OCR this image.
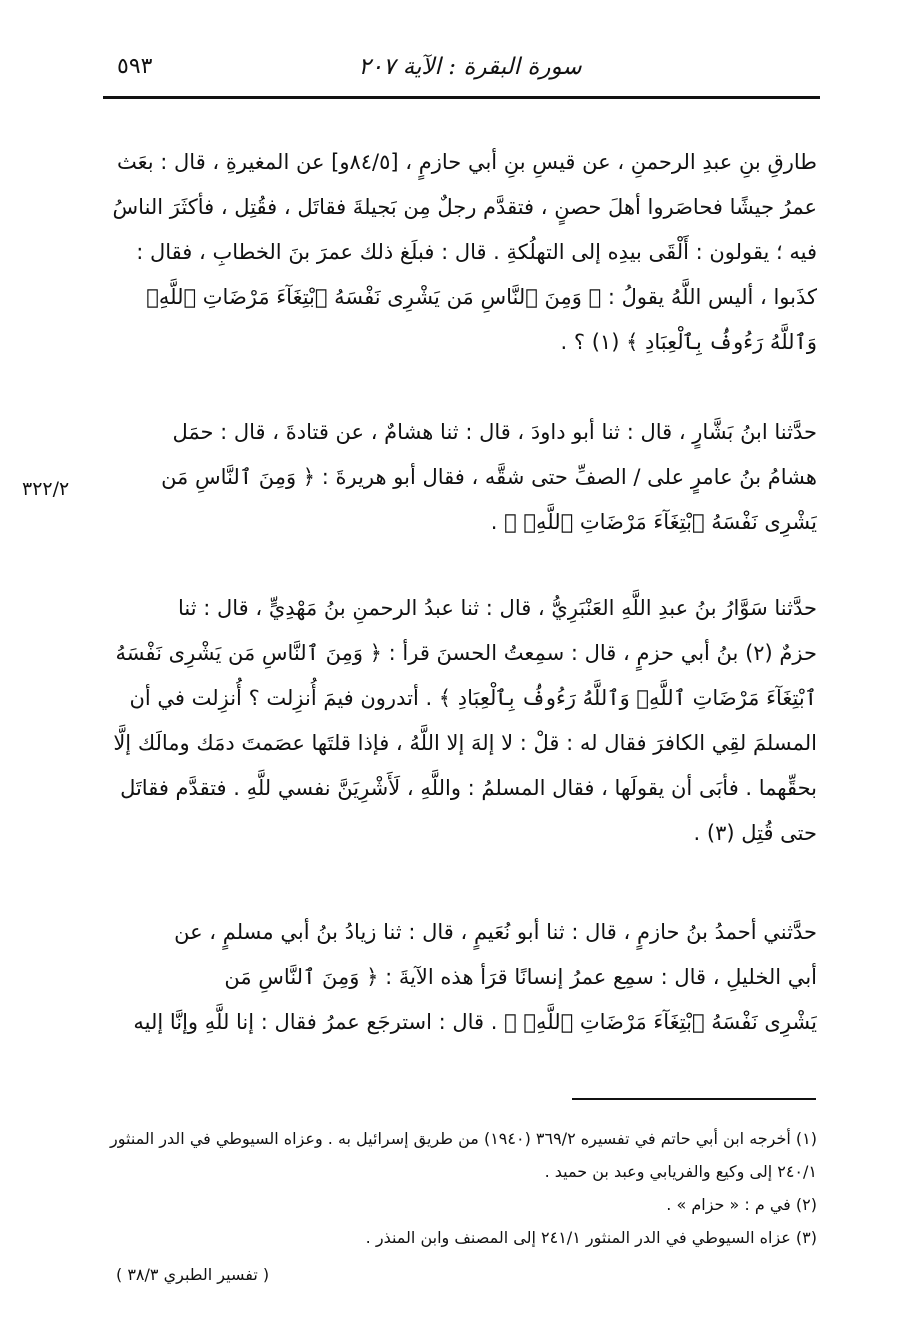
سورة البقرة : الآية ٢٠٧
٥٩٣
٣٢٢/٢
طارقِ بنِ عبدِ الرحمنِ ، عن قيسِ بنِ أبي حازمٍ ، [٨٤/٥و] عن المغيرةِ ، قال : بعَث
عمرُ جيشًا فحاصَروا أهلَ حصنٍ ، فتقدَّم رجلٌ مِن بَجيلةَ فقاتَل ، فقُتِل ، فأكثَرَ الناسُ
فيه ؛ يقولون : أَلْقَى بيدِه إلى التهلُكةِ . قال : فبلَغ ذلك عمرَ بنَ الخطابِ ، فقال :
كذَبوا ، أليس اللَّهُ يقولُ : ﴿ وَمِنَ ٱلنَّاسِ مَن يَشْرِى نَفْسَهُ ٱبْتِغَآءَ مَرْضَاتِ ٱللَّهِۗ
وَٱللَّهُ رَءُوفُۢ بِٱلْعِبَادِ ﴾ (١) ؟ .
حدَّثنا ابنُ بَشَّارٍ ، قال : ثنا أبو داودَ ، قال : ثنا هشامٌ ، عن قتادةَ ، قال : حمَل
هشامُ بنُ عامرٍ على / الصفِّ حتى شقَّه ، فقال أبو هريرةَ : ﴿ وَمِنَ ٱلنَّاسِ مَن
يَشْرِى نَفْسَهُ ٱبْتِغَآءَ مَرْضَاتِ ٱللَّهِۗ ﴾ .
حدَّثنا سَوَّارُ بنُ عبدِ اللَّهِ العَنْبَرِيُّ ، قال : ثنا عبدُ الرحمنِ بنُ مَهْدِيٍّ ، قال : ثنا
حزمٌ (٢) بنُ أبي حزمٍ ، قال : سمِعتُ الحسنَ قرأ : ﴿ وَمِنَ ٱلنَّاسِ مَن يَشْرِى نَفْسَهُ
ٱبْتِغَآءَ مَرْضَاتِ ٱللَّهِۗ وَٱللَّهُ رَءُوفُۢ بِٱلْعِبَادِ ﴾ . أتدرون فيمَ أُنزِلت ؟ أُنزِلت في أن
المسلمَ لقِي الكافرَ فقال له : قلْ : لا إلهَ إلا اللَّهُ ، فإذا قلتَها عصَمتَ دمَك ومالَك إلَّا
بحقِّهما . فأبَى أن يقولَها ، فقال المسلمُ : واللَّهِ ، لَأَشْرِيَنَّ نفسي للَّهِ . فتقدَّم فقاتَل
حتى قُتِل (٣) .
حدَّثني أحمدُ بنُ حازمٍ ، قال : ثنا أبو نُعَيمٍ ، قال : ثنا زيادُ بنُ أبي مسلمٍ ، عن
أبي الخليلِ ، قال : سمِع عمرُ إنسانًا قرَأ هذه الآيةَ : ﴿ وَمِنَ ٱلنَّاسِ مَن
يَشْرِى نَفْسَهُ ٱبْتِغَآءَ مَرْضَاتِ ٱللَّهِۗ ﴾ . قال : استرجَع عمرُ فقال : إنا للَّهِ وإنَّا إليه
(١) أخرجه ابن أبي حاتم في تفسيره ٣٦٩/٢ (١٩٤٠) من طريق إسرائيل به . وعزاه السيوطي في الدر المنثور
٢٤٠/١ إلى وكيع والفريابي وعبد بن حميد .
(٢) في م : « حزام » .
(٣) عزاه السيوطي في الدر المنثور ٢٤١/١ إلى المصنف وابن المنذر .
( تفسير الطبري ٣٨/٣ )
